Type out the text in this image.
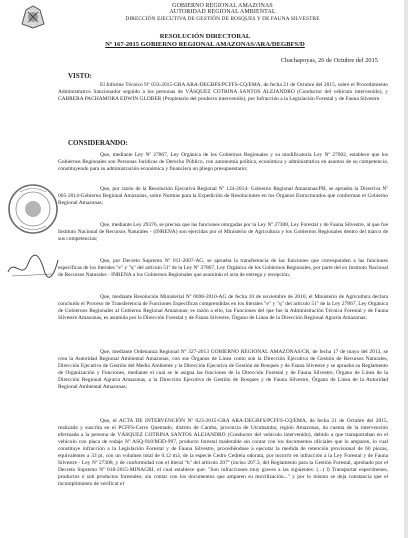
GOBIERNO REGIONAL AMAZONAS
AUTORIDAD REGIONAL AMBIENTAL
DIRECCIÓN EJECUTIVA DE GESTIÓN DE BOSQUES Y DE FAUNA SILVESTRE
RESOLUCIÓN DIRECTORAL
Nº 167-2015 GOBIERNO REGIONAL AMAZONAS/ARA/DEGBFS/D
Chachapoyas, 26 de Octubre del 2015
VISTO:
El Informe Técnico Nº 033-2015-GRA ARA-DEGBFS/PCFFS-CQ/EMA, de fecha 21 de Octubre del 2015, sobre el Procedimiento Administrativo Sancionador seguido a los personas de VÁSQUEZ COTRINA SANTOS ALEJANDRO (Conductor del vehículo intervenido), y CABRERA PACHAMORA EDWIN GLOBER (Propietario del producto intervenido), por Infracción a la Legislación Forestal y de Fauna Silvestre.
CONSIDERANDO:
Que, mediante Ley Nº 27867, Ley Orgánica de los Gobiernos Regionales y su modificatoria Ley Nº 27902, establece que los Gobiernos Regionales son Personas Jurídicas de Derecho Público, con autonomía política, económica y administrativa en asuntos de su competencia, constituyendo para su administración económica y financiera un pliego presupuestario;
Que, por razón de la Resolución Ejecutiva Regional Nº 124-2014- Gobierno Regional Amazonas/PR, se aprueba la Directiva Nº 005-2014-Gobierno Regional Amazonas, sobre Normas para la Expedición de Resoluciones en los Órganos Estructurados que conforman el Gobierno Regional Amazonas;
Que, mediante Ley 29376, se precisa que las funciones otorgadas por la Ley Nº 27308, Ley Forestal y de Fauna Silvestre, al que fue Instituto Nacional de Recursos Naturales - (INRENA) son ejercidas por el Ministerio de Agricultura y los Gobiernos Regionales dentro del marco de sus competencias;
Que, por Decreto Supremo Nº 011-2007-AG, se aprueba la transferencia de las funciones que corresponden a las funciones específicas de los literales "e" y "q" del artículo 51º de la Ley Nº 27867, Ley Orgánica de los Gobiernos Regionales, por parte del ex Instituto Nacional de Recursos Naturales - INRENA a los Gobiernos Regionales que asumirán el acta de entrega y recepción;
Que, mediante Resolución Ministerial Nº 0696-2010-AG de fecha 10 de noviembre de 2010, el Ministerio de Agricultura declara concluido el Proceso de Transferencia de Funciones Específicas comprendidas en los literales "e" y "q" del artículo 51º de la Ley 27867, Ley Orgánica de Gobiernos Regionales al Gobierno Regional Amazonas; es razón a ello, las Funciones del que fue la Administración Técnica Forestal y de Fauna Silvestre Amazonas, es asumida por la Dirección Forestal y de Fauna Silvestre, Órgano de Línea de la Dirección Regional Agraria Amazonas;
Que, mediante Ordenanza Regional Nº 327-2013 GOBIERNO REGIONAL AMAZONAS/CR, de fecha 17 de mayo del 2013, se crea la Autoridad Regional Ambiental Amazonas, con sus Órganos de Línea como son la Dirección Ejecutiva de Gestión de Recursos Naturales, Dirección Ejecutiva de Gestión del Medio Ambiente y la Dirección Ejecutiva de Gestión de Bosques y de Fauna Silvestre y se aprueba su Reglamento de Organización y Funciones, mediante el cual se le asigna las funciones de la Dirección Forestal y de Fauna Silvestre, Órgano de Línea de la Dirección Regional Agraria Amazonas, a la Dirección Ejecutiva de Gestión de Bosques y de Fauna Silvestre, Órgano de Línea de la Autoridad Regional Ambiental Amazonas;
Que, el ACTA DE INTERVENCIÓN Nº 023-2015-GRA ARA-DEGBFS/PCFFS-CQ/EMA, de fecha 21 de Octubre del 2015, realizada y suscrita en el PCFFS-Cerro Quemado, distrito de Camba, provincia de Utcubamba, región Amazonas, da cuenta de la intervención efectuada a la persona de VÁSQUEZ COTRINA SANTOS ALEJANDRO (Conductor del vehículo intervenido), debido a que transportaban en el vehículo con placa de rodaje Nº ASQ-918/M3D-997, producto forestal maderable sin contar con los documentos oficiales que lo amparen, lo cual constituye infracción a la Legislación Forestal y de Fauna Silvestre, procediéndose a ejecutar la medida de retención provisional de 60 piezas, equivalentes a 33 pt, con un volumen total de 0.12 m3, de la especie Cedro Cedrela odorata, por incurrir en infracción a la Ley Forestal y de Fauna Silvestre - Ley Nº 27308, y de conformidad con el literal "b" del artículo 207º (inciso 207.3, del Reglamento para la Gestión Forestal, aprobado por el Decreto Supremo Nº 018-2015-MINAGRI, el cual establece que: "Son infracciones muy graves a las siguientes: (...) l) Transportar especímenes, productos o sub productos forestales; sin contar con los documentos que amparen su movilización..." y por lo mismo se deja constancia que el incumplimiento de verificar el
